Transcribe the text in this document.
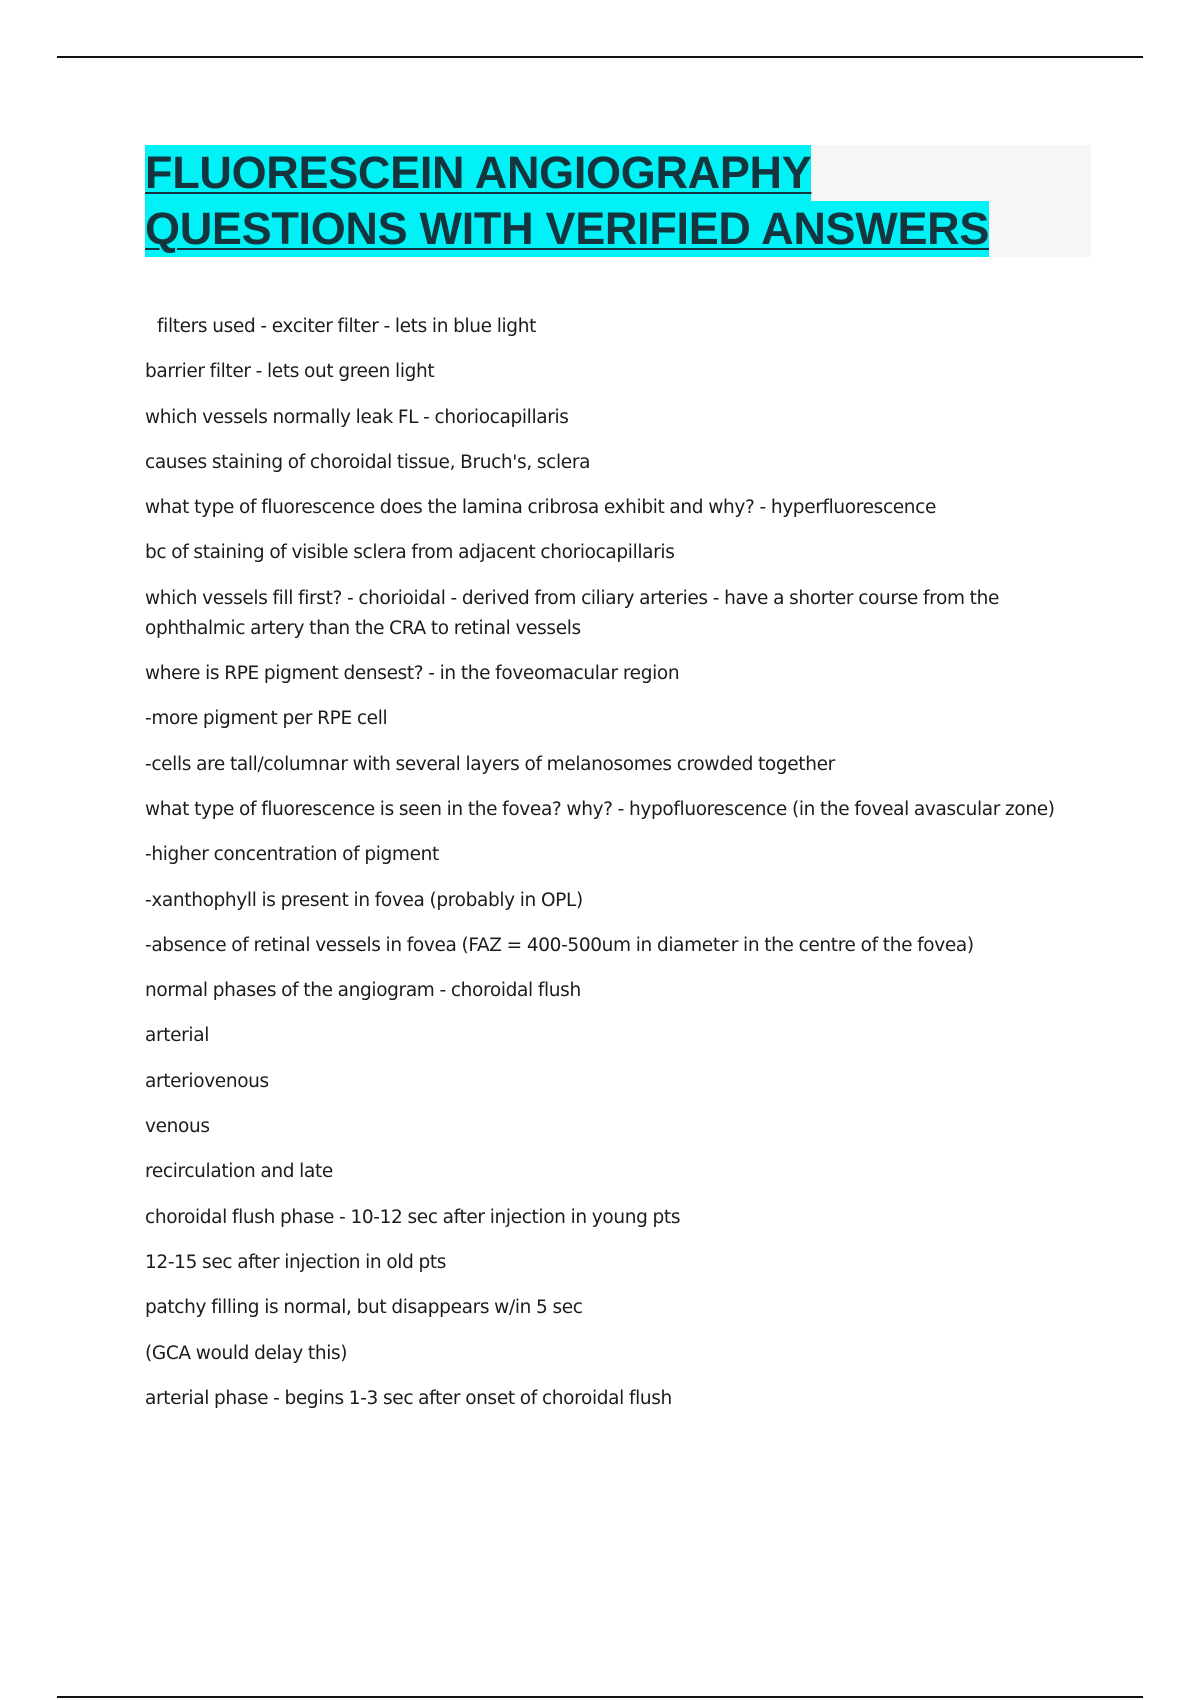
FLUORESCEIN ANGIOGRAPHY
QUESTIONS WITH VERIFIED ANSWERS

filters used - exciter filter - lets in blue light

barrier filter - lets out green light

which vessels normally leak FL - choriocapillaris

causes staining of choroidal tissue, Bruch's, sclera

what type of fluorescence does the lamina cribrosa exhibit and why? - hyperfluorescence

bc of staining of visible sclera from adjacent choriocapillaris

which vessels fill first? - chorioidal - derived from ciliary arteries - have a shorter course from the ophthalmic artery than the CRA to retinal vessels

where is RPE pigment densest? - in the foveomacular region

-more pigment per RPE cell

-cells are tall/columnar with several layers of melanosomes crowded together

what type of fluorescence is seen in the fovea? why? - hypofluorescence (in the foveal avascular zone)

-higher concentration of pigment

-xanthophyll is present in fovea (probably in OPL)

-absence of retinal vessels in fovea (FAZ = 400-500um in diameter in the centre of the fovea)

normal phases of the angiogram - choroidal flush

arterial

arteriovenous

venous

recirculation and late

choroidal flush phase - 10-12 sec after injection in young pts

12-15 sec after injection in old pts

patchy filling is normal, but disappears w/in 5 sec

(GCA would delay this)

arterial phase - begins 1-3 sec after onset of choroidal flush
